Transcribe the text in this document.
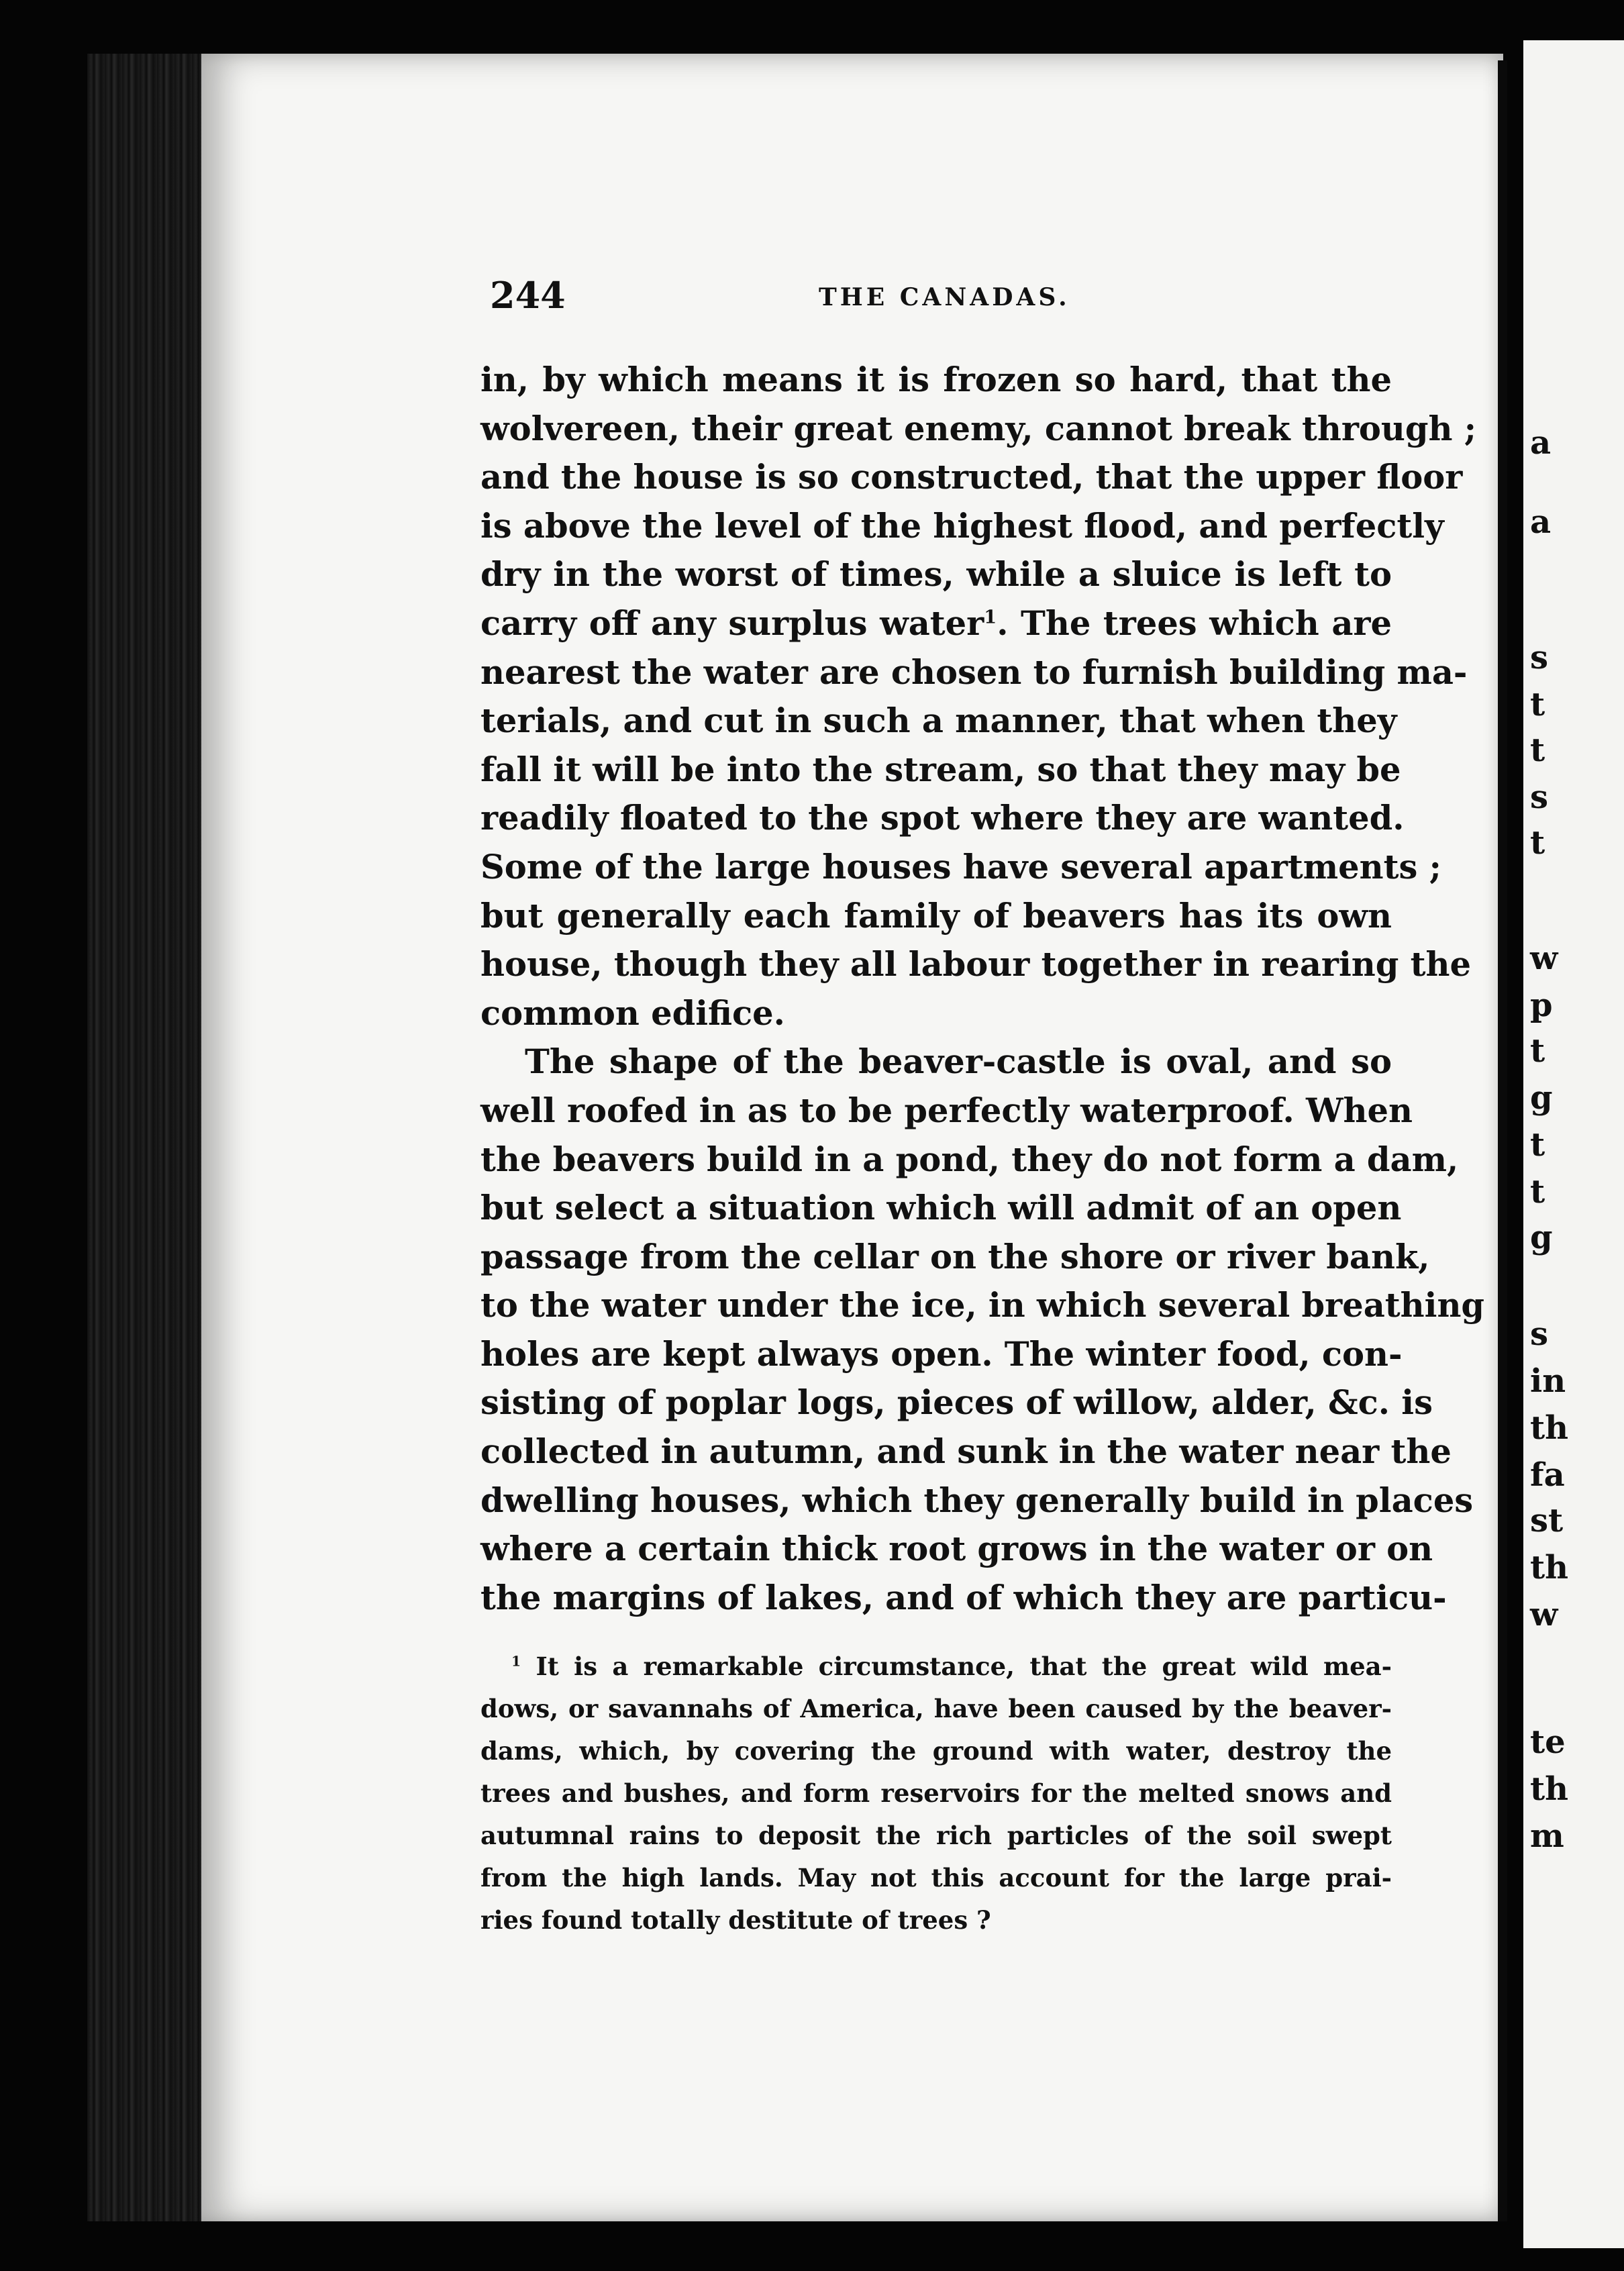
a
a
s
t
t
s
t
w
p
t
g
t
t
g
s
in
th
fa
st
th
w
te
th
m
244	THE CANADAS.
in, by which means it is frozen so hard, that the
wolvereen, their great enemy, cannot break through ;
and the house is so constructed, that the upper floor
is above the level of the highest flood, and perfectly
dry in the worst of times, while a sluice is left to
carry off any surplus water$^1$. The trees which are
nearest the water are chosen to furnish building ma-
terials, and cut in such a manner, that when they
fall it will be into the stream, so that they may be
readily floated to the spot where they are wanted.
Some of the large houses have several apartments ;
but generally each family of beavers has its own
house, though they all labour together in rearing the
common edifice.
The shape of the beaver-castle is oval, and so
well roofed in as to be perfectly waterproof. When
the beavers build in a pond, they do not form a dam,
but select a situation which will admit of an open
passage from the cellar on the shore or river bank,
to the water under the ice, in which several breathing
holes are kept always open. The winter food, con-
sisting of poplar logs, pieces of willow, alder, &c. is
collected in autumn, and sunk in the water near the
dwelling houses, which they generally build in places
where a certain thick root grows in the water or on
the margins of lakes, and of which they are particu-
$^1$ It is a remarkable circumstance, that the great wild mea-
dows, or savannahs of America, have been caused by the beaver-
dams, which, by covering the ground with water, destroy the
trees and bushes, and form reservoirs for the melted snows and
autumnal rains to deposit the rich particles of the soil swept
from the high lands. May not this account for the large prai-
ries found totally destitute of trees ?
